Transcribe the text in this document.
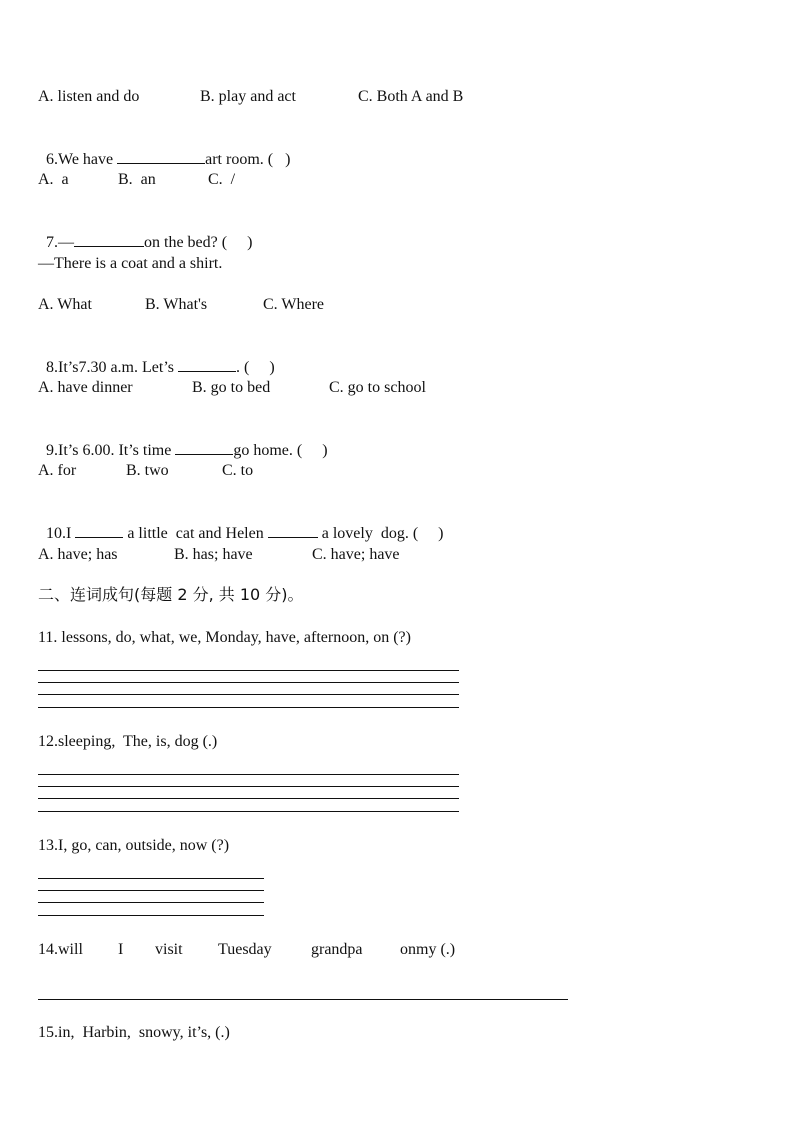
A. listen and do	B. play and act	C. Both A and B

6.We have	art room. (   )

A.  a	B.  an	C.  /

7.—	on the bed? (     )

—There is a coat and a shirt.
A. What	B. What's	C. Where

8.It’s7.30 a.m. Let’s	. (     )

A. have dinner	B. go to bed	C. go to school

9.It’s 6.00. It’s time	go home. (     )

A. for	B. two	C. to

10.I	a little  cat and Helen	a lovely  dog. (     )

A. have; has	B. has; have	C. have; have
二、连词成句(每题 2 分, 共 10 分)。
11. lessons, do, what, we, Monday, have, afternoon, on (?)
12.sleeping,  The, is, dog (.)
13.I, go, can, outside, now (?)
14.will I visit Tuesday grandpa onmy (.)
15.in,  Harbin,  snowy, it’s, (.)
